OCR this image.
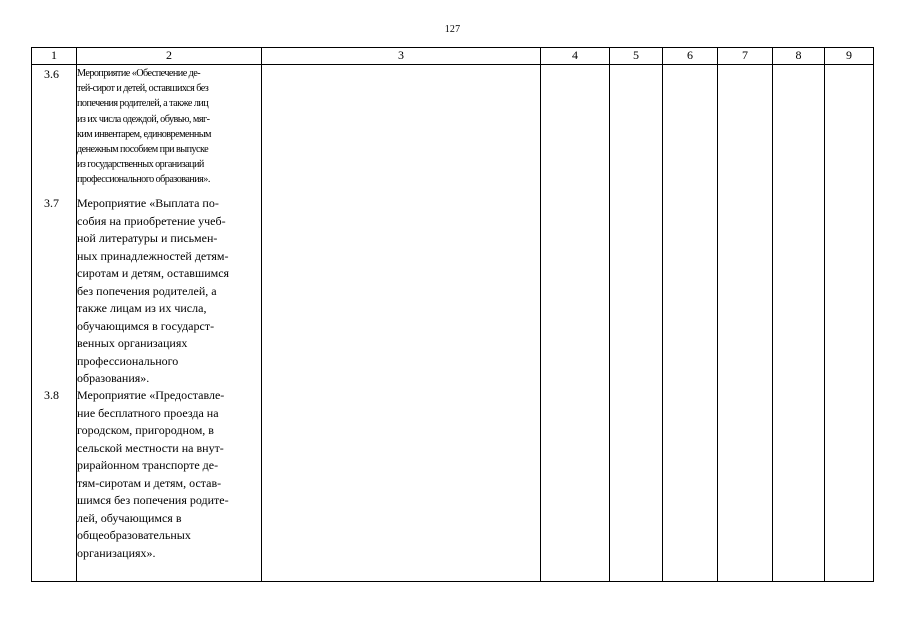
127
1	2	3	4	5	6	7	8	9

3.6 Мероприятие «Обеспечение де-
тей-сирот и детей, оставшихся без
попечения родителей, а также лиц
из их числа одеждой, обувью, мяг-
ким инвентарем, единовременным
денежным пособием при выпуске
из государственных организаций
профессионального образования».
3.7 Мероприятие «Выплата по-
собия на приобретение учеб-
ной литературы и письмен-
ных принадлежностей детям-
сиротам и детям, оставшимся
без попечения родителей, а
также лицам из их числа,
обучающимся в государст-
венных организациях
профессионального
образования».
3.8 Мероприятие «Предоставле-
ние бесплатного проезда на
городском, пригородном, в
сельской местности на внут-
рирайонном транспорте де-
тям-сиротам и детям, остав-
шимся без попечения родите-
лей, обучающимся в
общеобразовательных
организациях».
